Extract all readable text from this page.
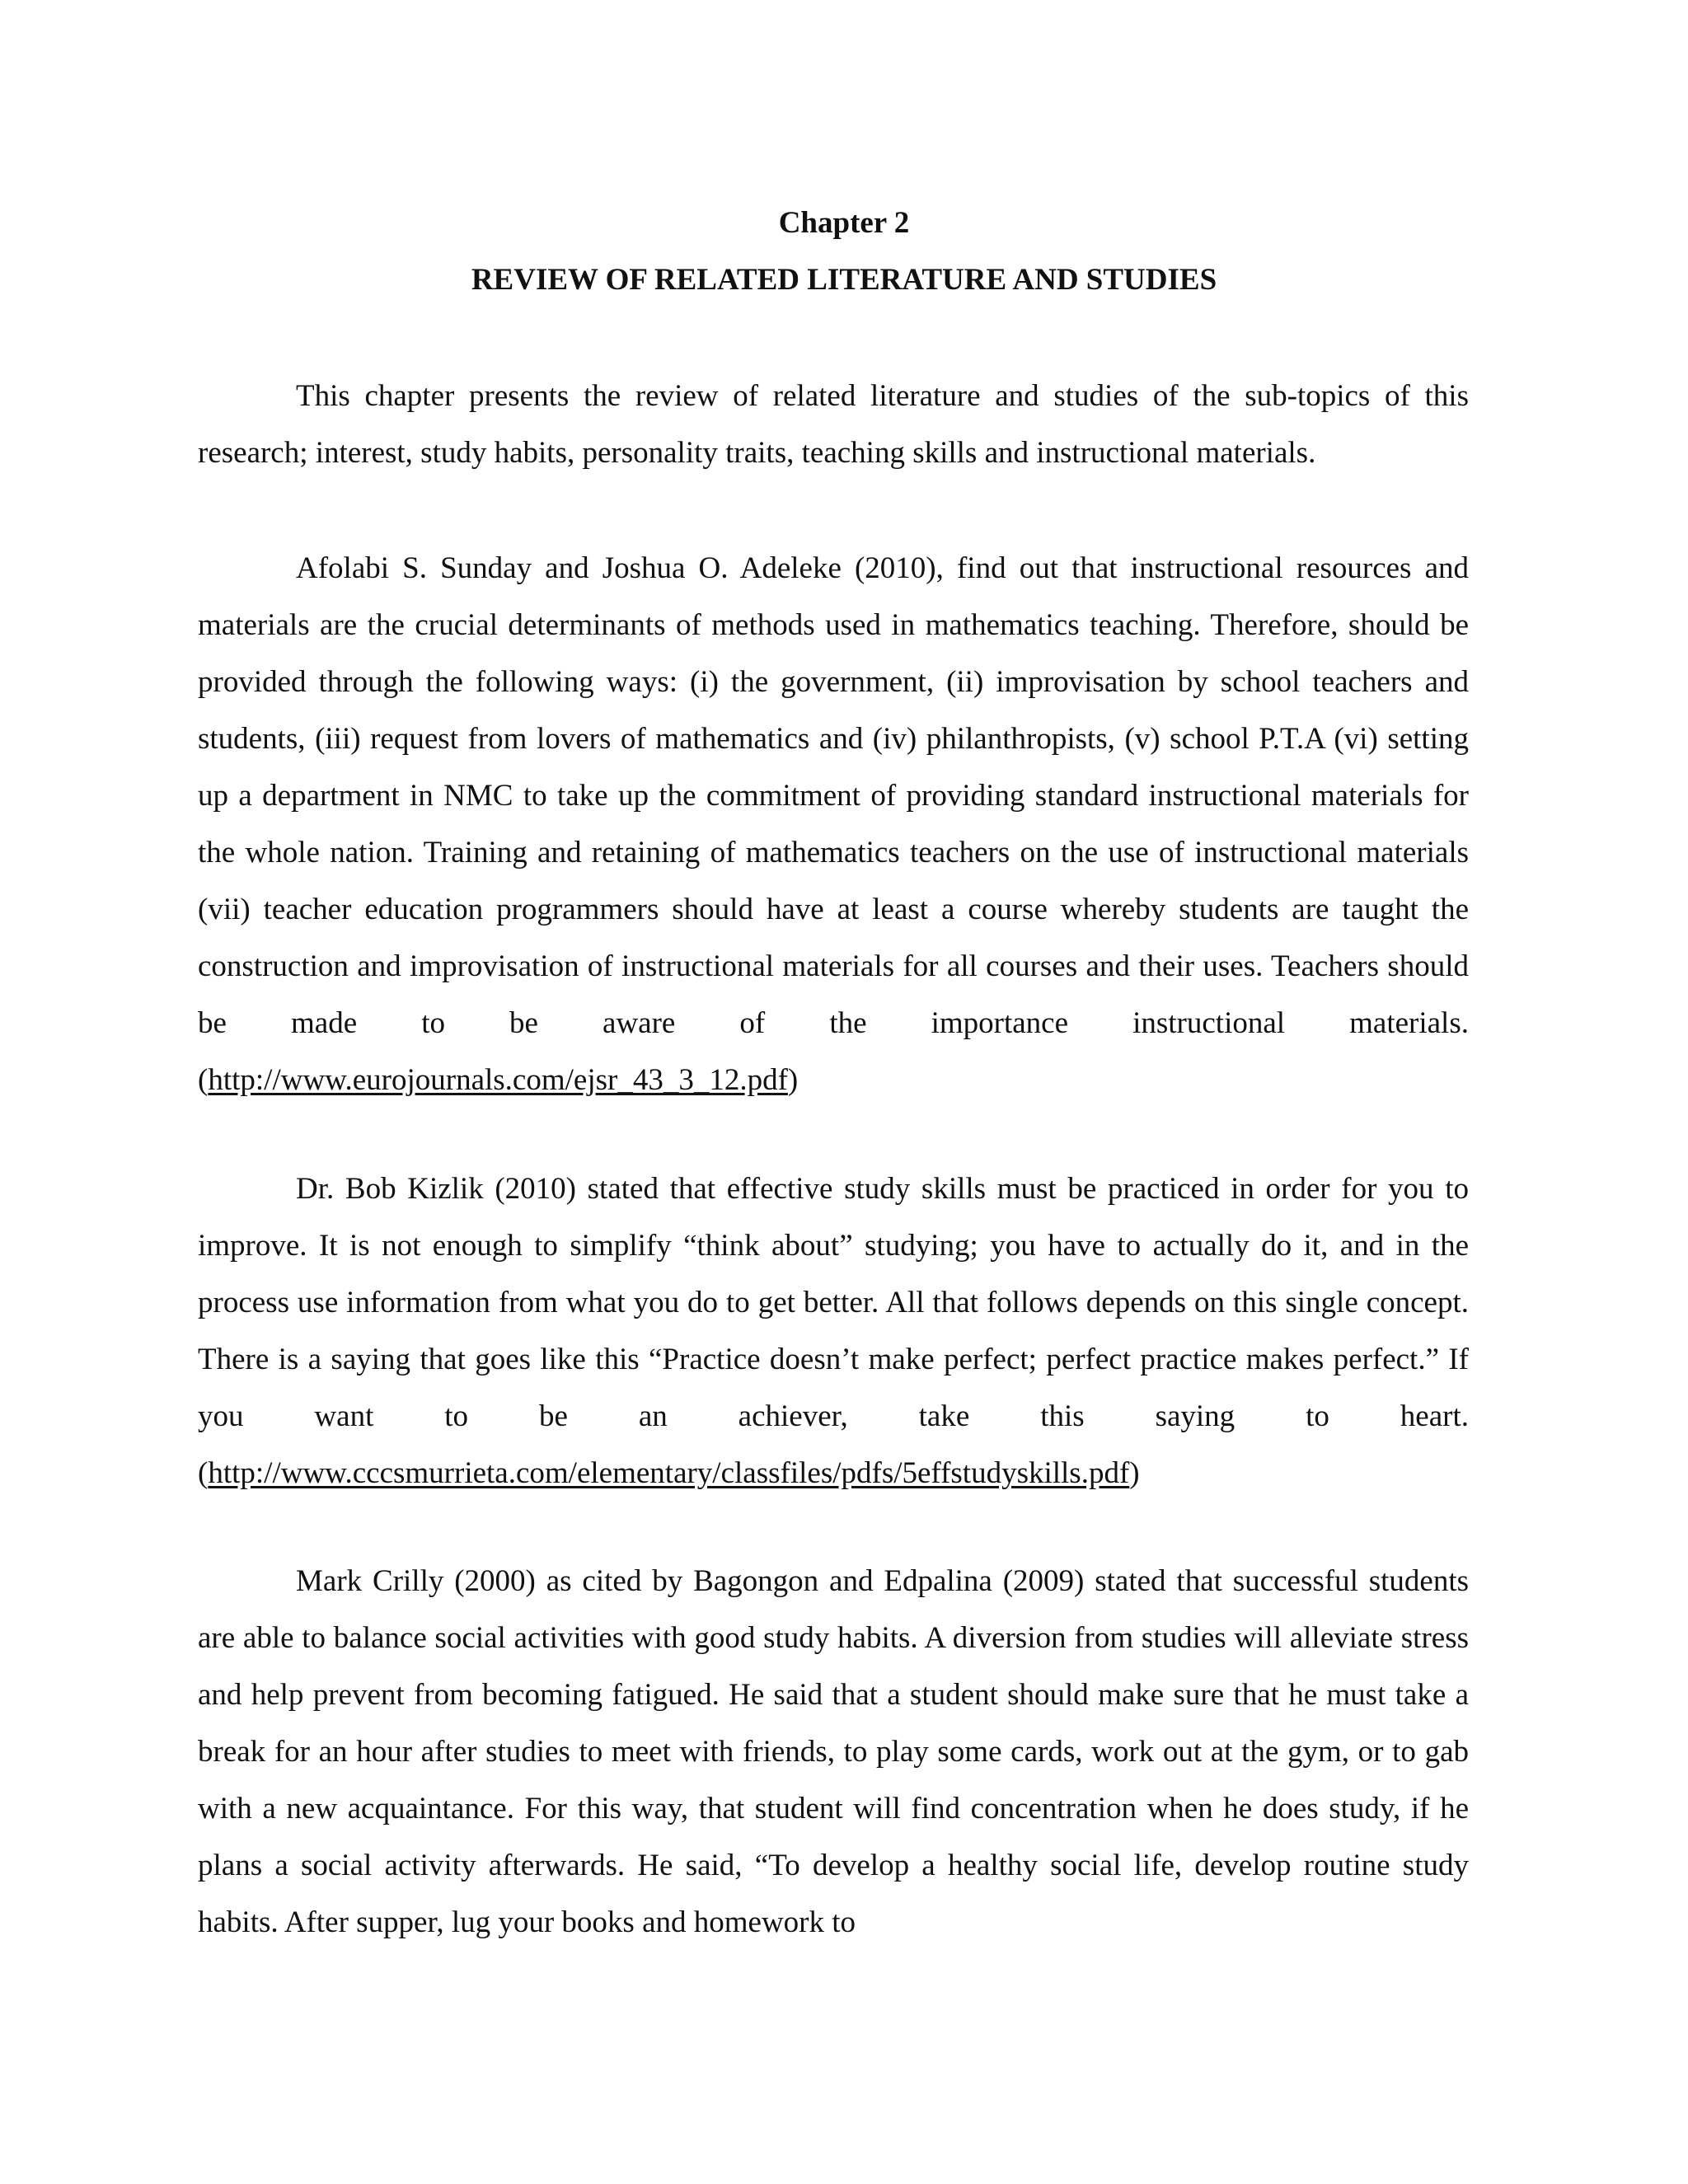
Chapter 2
REVIEW OF RELATED LITERATURE AND STUDIES

This chapter presents the review of related literature and studies of the sub-topics of this research; interest, study habits, personality traits, teaching skills and instructional materials.

Afolabi S. Sunday and Joshua O. Adeleke (2010), find out that instructional resources and materials are the crucial determinants of methods used in mathematics teaching. Therefore, should be provided through the following ways: (i) the government, (ii) improvisation by school teachers and students, (iii) request from lovers of mathematics and (iv) philanthropists, (v) school P.T.A (vi) setting up a department in NMC to take up the commitment of providing standard instructional materials for the whole nation. Training and retaining of mathematics teachers on the use of instructional materials (vii) teacher education programmers should have at least a course whereby students are taught the construction and improvisation of instructional materials for all courses and their uses. Teachers should be made to be aware of the importance instructional materials. (http://www.eurojournals.com/ejsr_43_3_12.pdf)

Dr. Bob Kizlik (2010) stated that effective study skills must be practiced in order for you to improve. It is not enough to simplify “think about” studying; you have to actually do it, and in the process use information from what you do to get better. All that follows depends on this single concept. There is a saying that goes like this “Practice doesn’t make perfect; perfect practice makes perfect.” If you want to be an achiever, take this saying to heart. (http://www.cccsmurrieta.com/elementary/classfiles/pdfs/5effstudyskills.pdf)

Mark Crilly (2000) as cited by Bagongon and Edpalina (2009) stated that successful students are able to balance social activities with good study habits. A diversion from studies will alleviate stress and help prevent from becoming fatigued. He said that a student should make sure that he must take a break for an hour after studies to meet with friends, to play some cards, work out at the gym, or to gab with a new acquaintance. For this way, that student will find concentration when he does study, if he plans a social activity afterwards. He said, “To develop a healthy social life, develop routine study habits. After supper, lug your books and homework to
